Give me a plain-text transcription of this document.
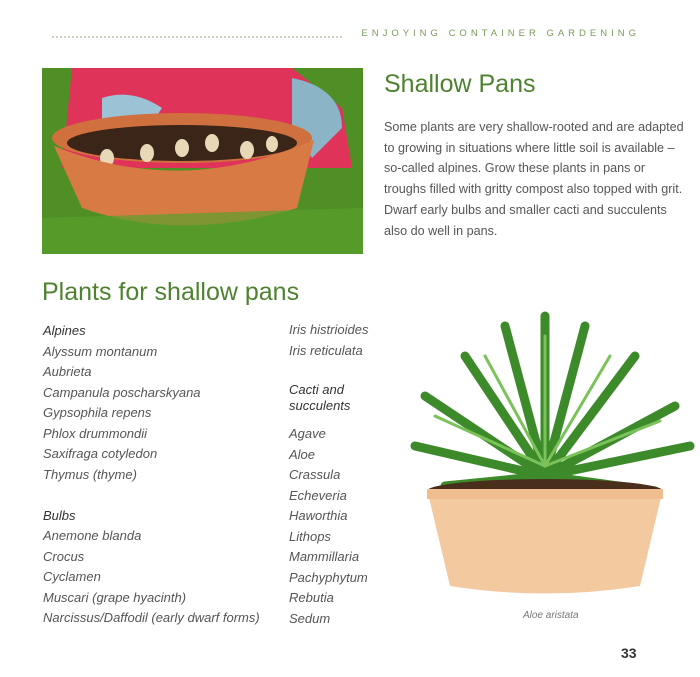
ENJOYING CONTAINER GARDENING
Shallow Pans

Some plants are very shallow-rooted and are adapted to growing in situations where little soil is available – so-called alpines. Grow these plants in pans or troughs filled with gritty compost also topped with grit. Dwarf early bulbs and smaller cacti and succulents also do well in pans.

Plants for shallow pans
Alpines
Alyssum montanum
Aubrieta
Campanula poscharskyana
Gypsophila repens
Phlox drummondii
Saxifraga cotyledon
Thymus (thyme)
Bulbs
Anemone blanda
Crocus
Cyclamen
Muscari (grape hyacinth)
Narcissus/Daffodil (early dwarf forms)
Iris histrioides
Iris reticulata
Cacti and succulents
Agave
Aloe
Crassula
Echeveria
Haworthia
Lithops
Mammillaria
Pachyphytum
Rebutia
Sedum	Aloe aristata
33
